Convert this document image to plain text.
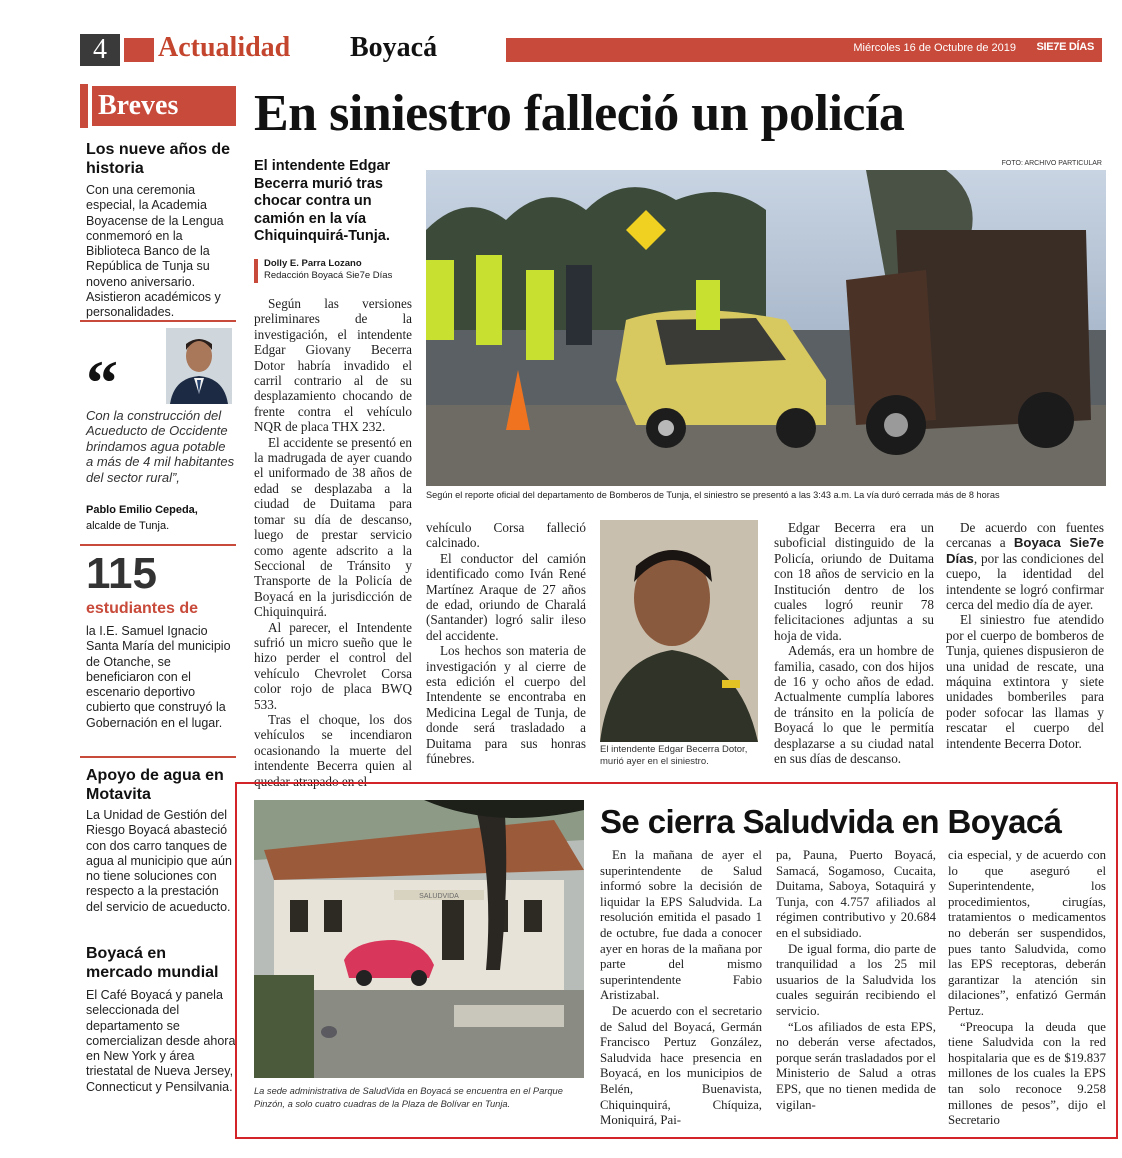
4	Actualidad Boyacá	Miércoles 16 de Octubre de 2019 SIE7E DÍAS
Breves
Los nueve años de historia
Con una ceremonia especial, la Academia Boyacense de la Lengua conmemoró en la Biblioteca Banco de la República de Tunja su noveno aniversario. Asistieron académicos y personalidades.
“
Con la construcción del Acueducto de Occidente brindamos agua potable a más de 4 mil habitantes del sector rural”,
Pablo Emilio Cepeda,
alcalde de Tunja.
115
estudiantes de
la I.E. Samuel Ignacio Santa María del municipio de Otanche, se beneficiaron con el escenario deportivo cubierto que construyó la Gobernación en el lugar.
Apoyo de agua en Motavita
La Unidad de Gestión del Riesgo Boyacá abasteció con dos carro tanques de agua al municipio que aún no tiene soluciones con respecto a la prestación del servicio de acueducto.
Boyacá en mercado mundial
El Café Boyacá y panela seleccionada del departamento se comercializan desde ahora en New York y área triestatal de Nueva Jersey, Connecticut y Pensilvania.
En siniestro falleció un policía
El intendente Edgar Becerra murió tras chocar contra un camión en la vía Chiquinquirá-Tunja.
Dolly E. Parra Lozano
Redacción Boyacá Sie7e Días
FOTO: ARCHIVO PARTICULAR
Según el reporte oficial del departamento de Bomberos de Tunja, el siniestro se presentó a las 3:43 a.m. La vía duró cerrada más de 8 horas

Según las versiones preliminares de la investigación, el intendente Edgar Giovany Becerra Dotor habría invadido el carril contrario al de su desplazamiento chocando de frente contra el vehículo NQR de placa THX 232.

El accidente se presentó en la madrugada de ayer cuando el uniformado de 38 años de edad se desplazaba a la ciudad de Duitama para tomar su día de descanso, luego de prestar servicio como agente adscrito a la Seccional de Tránsito y Transporte de la Policía de Boyacá en la jurisdicción de Chiquinquirá.

Al parecer, el Intendente sufrió un micro sueño que le hizo perder el control del vehículo Chevrolet Corsa color rojo de placa BWQ 533.

Tras el choque, los dos vehículos se incendiaron ocasionando la muerte del intendente Becerra quien al quedar atrapado en el

vehículo Corsa falleció calcinado.

El conductor del camión identificado como Iván René Martínez Araque de 27 años de edad, oriundo de Charalá (Santander) logró salir ileso del accidente.

Los hechos son materia de investigación y al cierre de esta edición el cuerpo del Intendente se encontraba en Medicina Legal de Tunja, de donde será trasladado a Duitama para sus honras fúnebres.

El intendente Edgar Becerra Dotor, murió ayer en el siniestro.

Edgar Becerra era un suboficial distinguido de la Policía, oriundo de Duitama con 18 años de servicio en la Institución dentro de los cuales logró reunir 78 felicitaciones adjuntas a su hoja de vida.

Además, era un hombre de familia, casado, con dos hijos de 16 y ocho años de edad. Actualmente cumplía labores de tránsito en la policía de Boyacá lo que le permitía desplazarse a su ciudad natal en sus días de descanso.

De acuerdo con fuentes cercanas a Boyaca Sie7e Días, por las condiciones del cuepo, la identidad del intendente se logró confirmar cerca del medio día de ayer.

El siniestro fue atendido por el cuerpo de bomberos de Tunja, quienes dispusieron de una unidad de rescate, una máquina extintora y siete unidades bomberiles para poder sofocar las llamas y rescatar el cuerpo del intendente Becerra Dotor.

SALUDVIDA
La sede administrativa de SaludVida en Boyacá se encuentra en el Parque Pinzón, a solo cuatro cuadras de la Plaza de Bolívar en Tunja.
Se cierra Saludvida en Boyacá

En la mañana de ayer el superintendente de Salud informó sobre la decisión de liquidar la EPS Saludvida. La resolución emitida el pasado 1 de octubre, fue dada a conocer ayer en horas de la mañana por parte del mismo superintendente Fabio Aristizabal.

De acuerdo con el secretario de Salud del Boyacá, Germán Francisco Pertuz González, Saludvida hace presencia en Boyacá, en los municipios de Belén, Buenavista, Chiquinquirá, Chíquiza, Moniquirá, Pai-

pa, Pauna, Puerto Boyacá, Samacá, Sogamoso, Cucaita, Duitama, Saboya, Sotaquirá y Tunja, con 4.757 afiliados al régimen contributivo y 20.684 en el subsidiado.

De igual forma, dio parte de tranquilidad a los 25 mil usuarios de la Saludvida los cuales seguirán recibiendo el servicio.

“Los afiliados de esta EPS, no deberán verse afectados, porque serán trasladados por el Ministerio de Salud a otras EPS, que no tienen medida de vigilan-

cia especial, y de acuerdo con lo que aseguró el Superintendente, los procedimientos, cirugías, tratamientos o medicamentos no deberán ser suspendidos, pues tanto Saludvida, como las EPS receptoras, deberán garantizar la atención sin dilaciones”, enfatizó Germán Pertuz.

“Preocupa la deuda que tiene Saludvida con la red hospitalaria que es de $19.837 millones de los cuales la EPS tan solo reconoce 9.258 millones de pesos”, dijo el Secretario
